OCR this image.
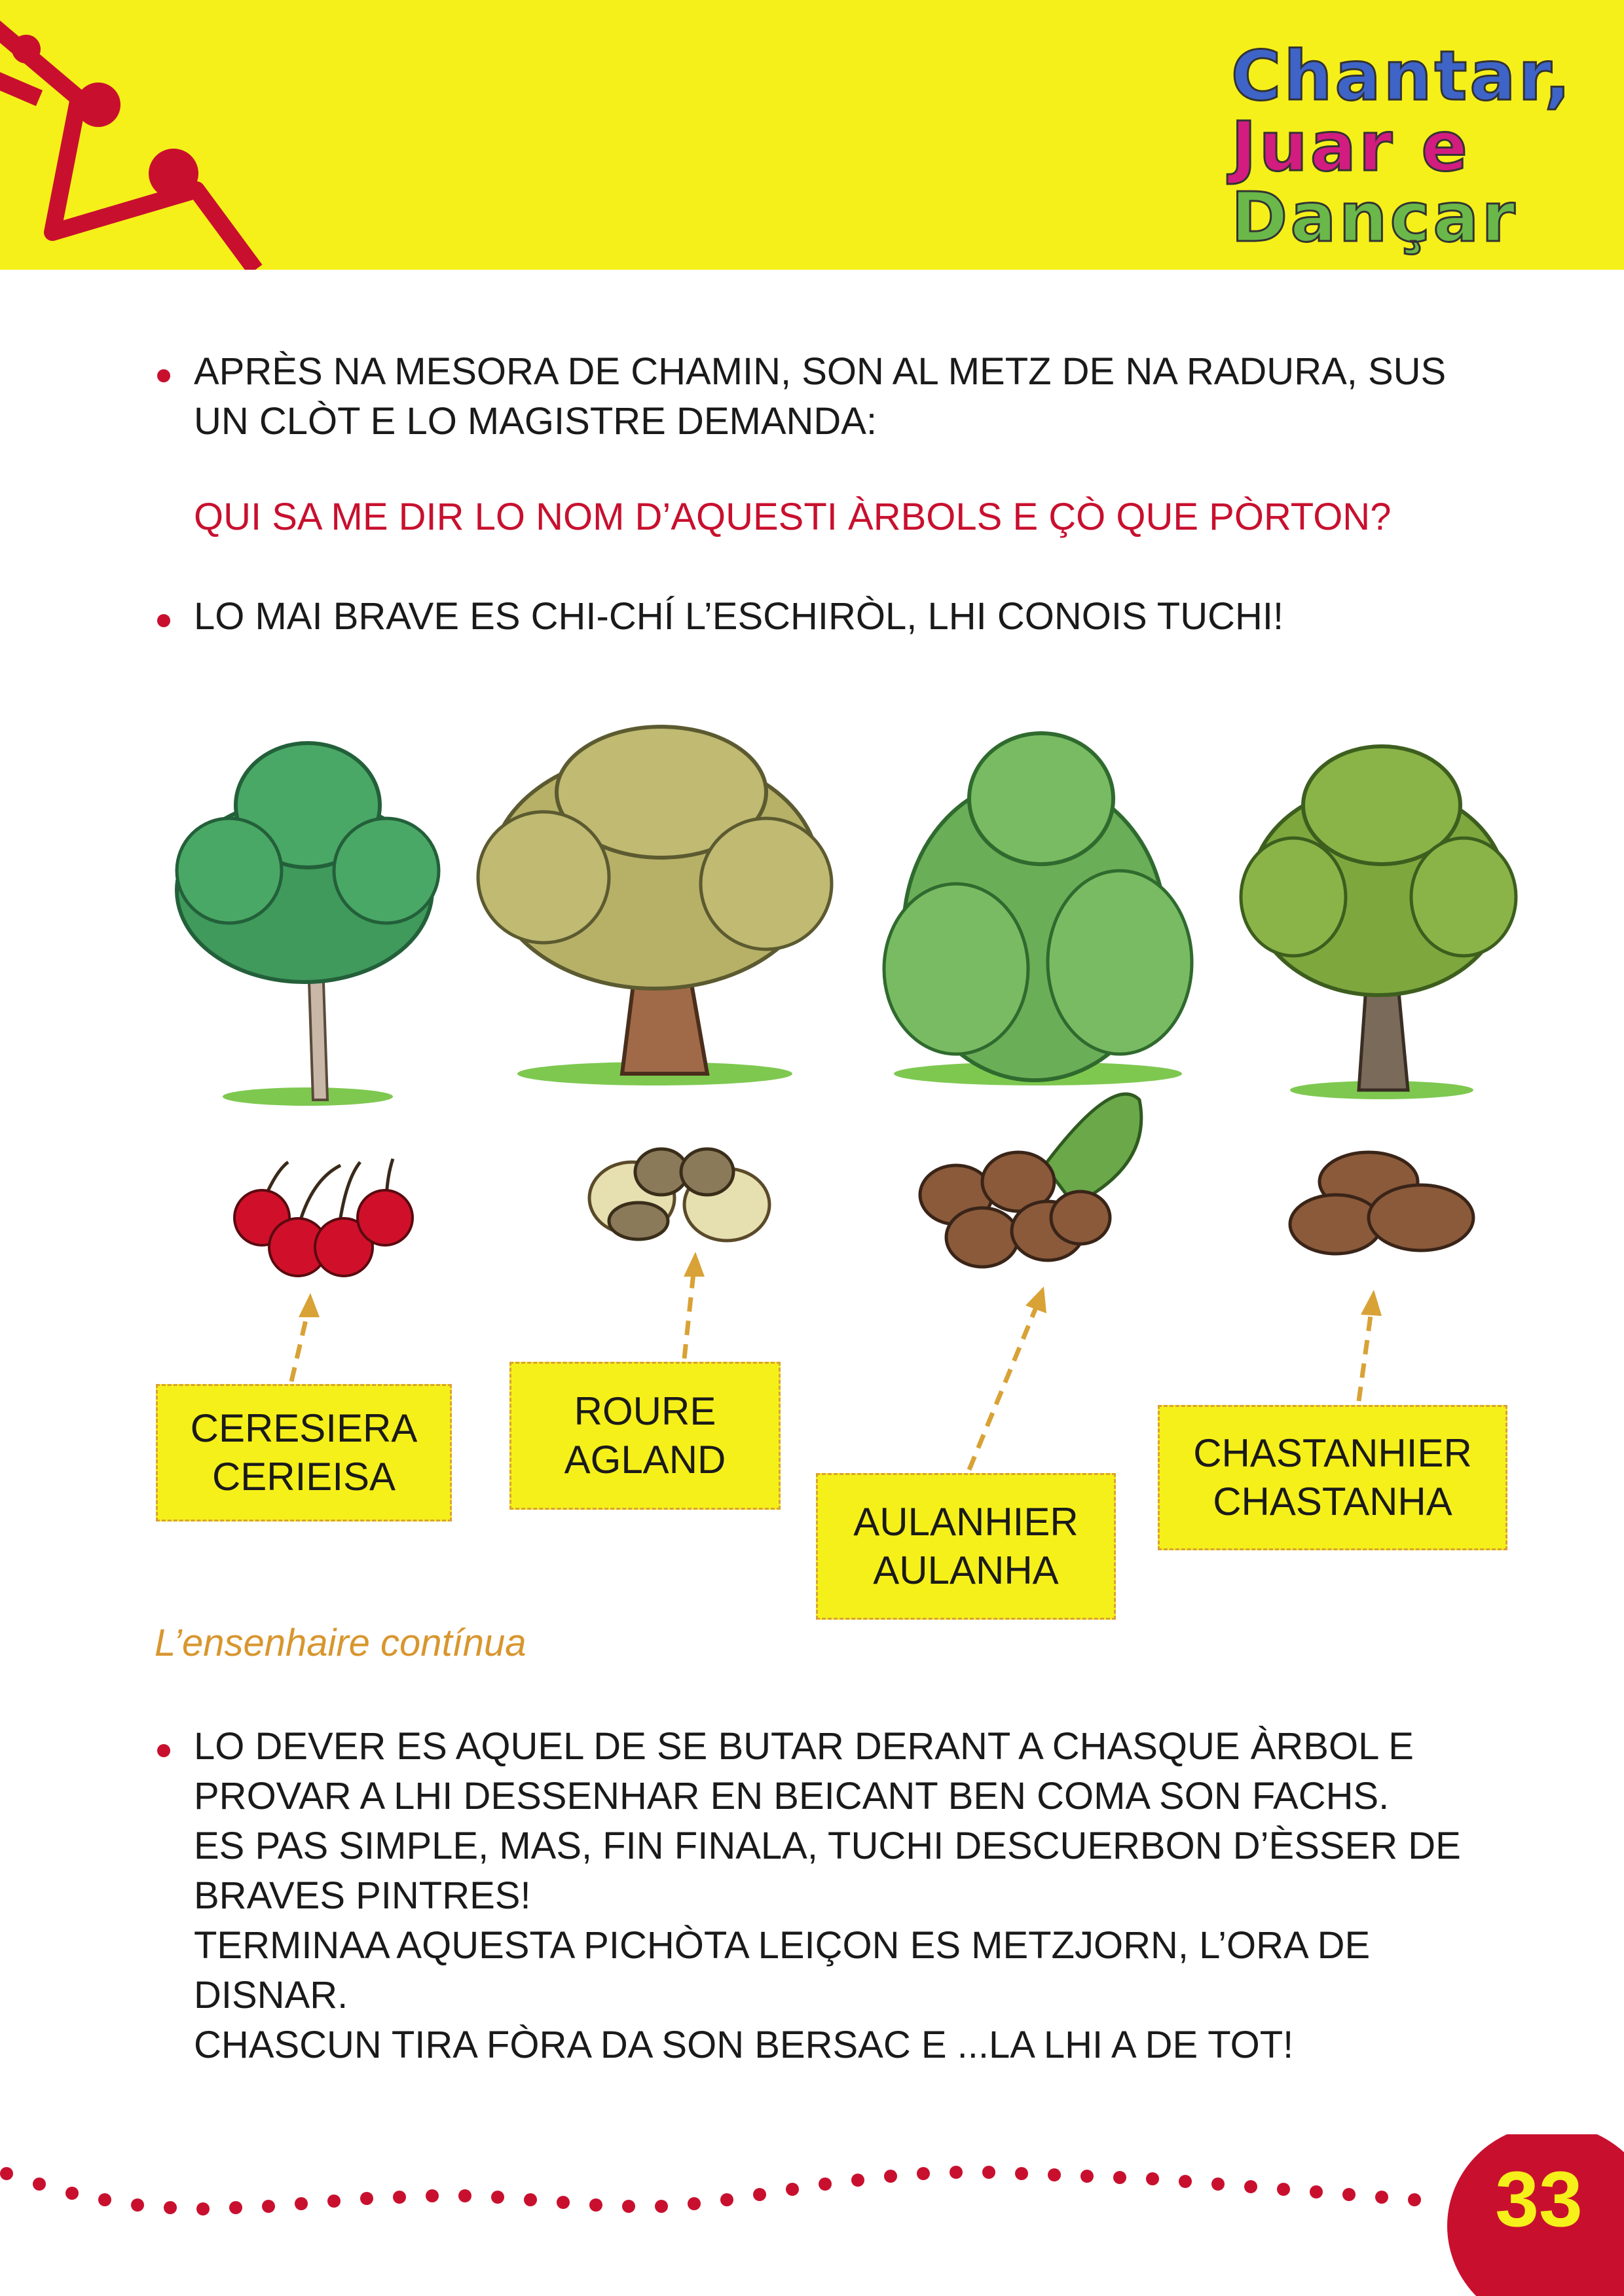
Chantar,
Juar e
Dançar
APRÈS NA MESORA DE CHAMIN, SON AL METZ DE NA RADURA, SUS
UN CLÒT E LO MAGISTRE DEMANDA:
QUI SA ME DIR LO NOM D’AQUESTI ÀRBOLS E ÇÒ QUE PÒRTON?
LO MAI BRAVE ES CHI-CHÍ L’ESCHIRÒL, LHI CONOIS TUCHI!
CERESIERA
CERIEISA
ROURE
AGLAND
AULANHIER
AULANHA
CHASTANHIER
CHASTANHA
L’ensenhaire contínua
LO DEVER ES AQUEL DE SE BUTAR DERANT A CHASQUE ÀRBOL E
PROVAR A LHI DESSENHAR EN BEICANT BEN COMA SON FACHS.
ES PAS SIMPLE, MAS, FIN FINALA, TUCHI DESCUERBON D’ÈSSER DE
BRAVES PINTRES!
TERMINAA AQUESTA PICHÒTA LEIÇON ES METZJORN, L’ORA DE
DISNAR.
CHASCUN TIRA FÒRA DA SON BERSAC E ...LA LHI A DE TOT!
33
